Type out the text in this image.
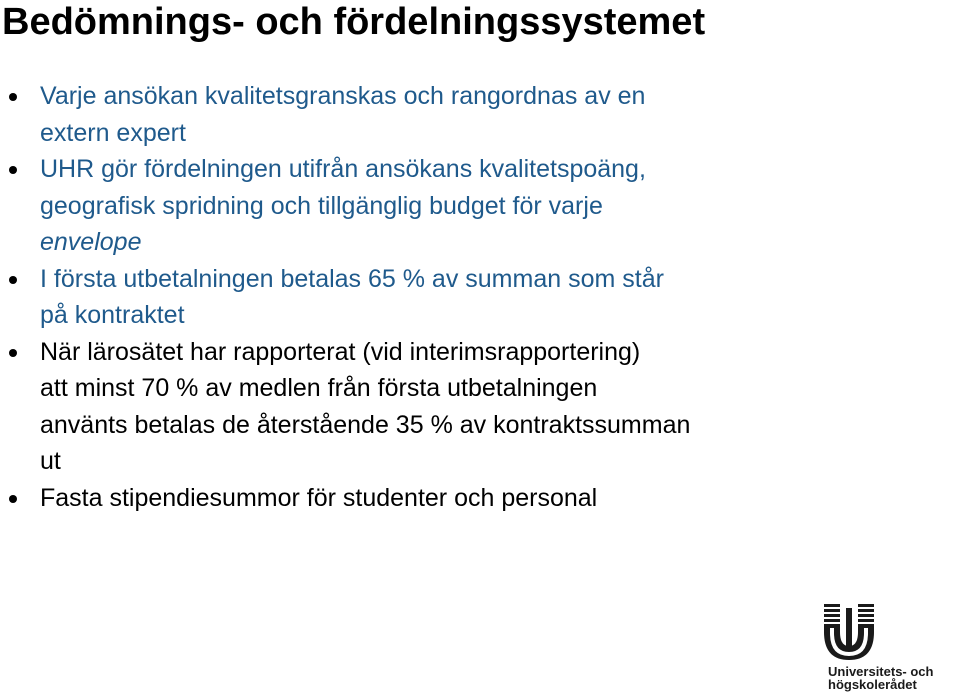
Bedömnings- och fördelningssystemet
Varje ansökan kvalitetsgranskas och rangordnas av en
extern expert
UHR gör fördelningen utifrån ansökans kvalitetspoäng,
geografisk spridning och tillgänglig budget för varje
envelope
I första utbetalningen betalas 65 % av summan som står
på kontraktet
När lärosätet har rapporterat (vid interimsrapportering)
att minst 70 % av medlen från första utbetalningen
använts betalas de återstående 35 % av kontraktssumman
ut
Fasta stipendiesummor för studenter och personal
Universitets- och
högskolerådet
